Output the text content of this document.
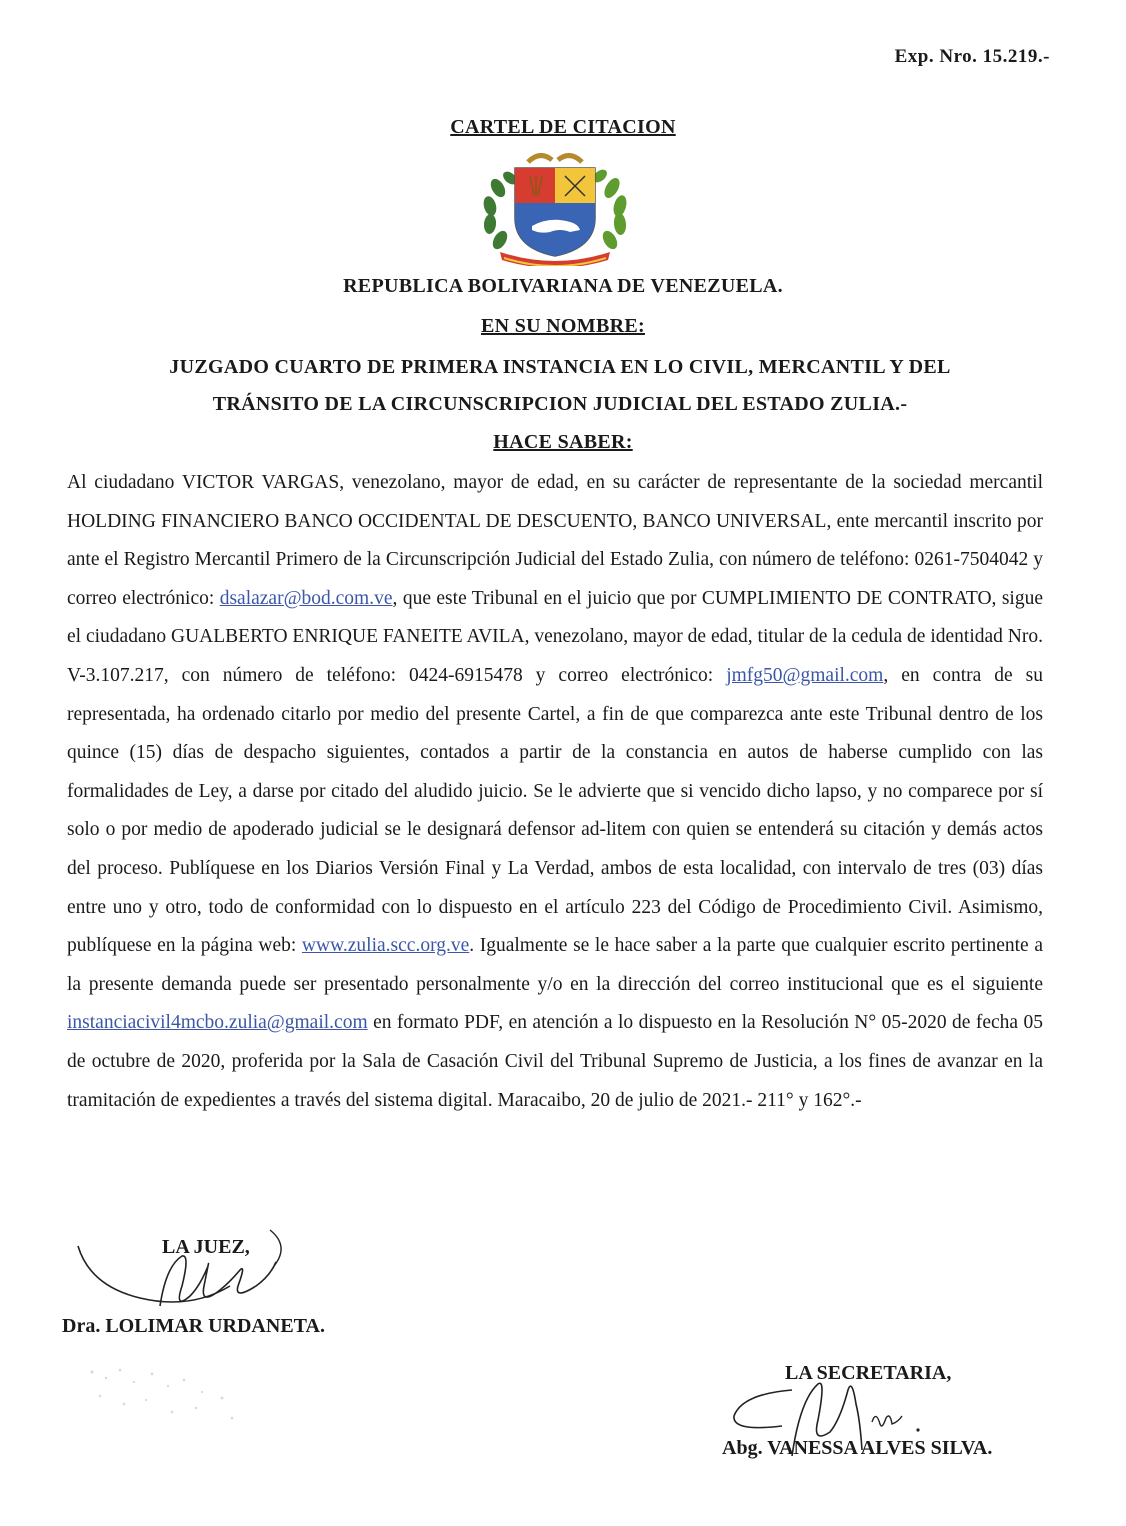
Exp. Nro. 15.219.-
CARTEL DE CITACION
REPUBLICA BOLIVARIANA DE VENEZUELA.
EN SU NOMBRE:
JUZGADO CUARTO DE PRIMERA INSTANCIA EN LO CIVIL, MERCANTIL Y DEL
TRÁNSITO DE LA CIRCUNSCRIPCION JUDICIAL DEL ESTADO ZULIA.-
HACE SABER:
Al ciudadano VICTOR VARGAS, venezolano, mayor de edad, en su carácter de representante de la sociedad mercantil HOLDING FINANCIERO BANCO OCCIDENTAL DE DESCUENTO, BANCO UNIVERSAL, ente mercantil inscrito por ante el Registro Mercantil Primero de la Circunscripción Judicial del Estado Zulia, con número de teléfono: 0261-7504042 y correo electrónico: dsalazar@bod.com.ve, que este Tribunal en el juicio que por CUMPLIMIENTO DE CONTRATO, sigue el ciudadano GUALBERTO ENRIQUE FANEITE AVILA, venezolano, mayor de edad, titular de la cedula de identidad Nro. V-3.107.217, con número de teléfono: 0424-6915478 y correo electrónico: jmfg50@gmail.com, en contra de su representada, ha ordenado citarlo por medio del presente Cartel, a fin de que comparezca ante este Tribunal dentro de los quince (15) días de despacho siguientes, contados a partir de la constancia en autos de haberse cumplido con las formalidades de Ley, a darse por citado del aludido juicio. Se le advierte que si vencido dicho lapso, y no comparece por sí solo o por medio de apoderado judicial se le designará defensor ad-litem con quien se entenderá su citación y demás actos del proceso. Publíquese en los Diarios Versión Final y La Verdad, ambos de esta localidad, con intervalo de tres (03) días entre uno y otro, todo de conformidad con lo dispuesto en el artículo 223 del Código de Procedimiento Civil. Asimismo, publíquese en la página web: www.zulia.scc.org.ve. Igualmente se le hace saber a la parte que cualquier escrito pertinente a la presente demanda puede ser presentado personalmente y/o en la dirección del correo institucional que es el siguiente instanciacivil4mcbo.zulia@gmail.com en formato PDF, en atención a lo dispuesto en la Resolución N° 05-2020 de fecha 05 de octubre de 2020, proferida por la Sala de Casación Civil del Tribunal Supremo de Justicia, a los fines de avanzar en la tramitación de expedientes a través del sistema digital. Maracaibo, 20 de julio de 2021.- 211° y 162°.-
LA JUEZ,
Dra. LOLIMAR URDANETA.
LA SECRETARIA,
Abg. VANESSA ALVES SILVA.
